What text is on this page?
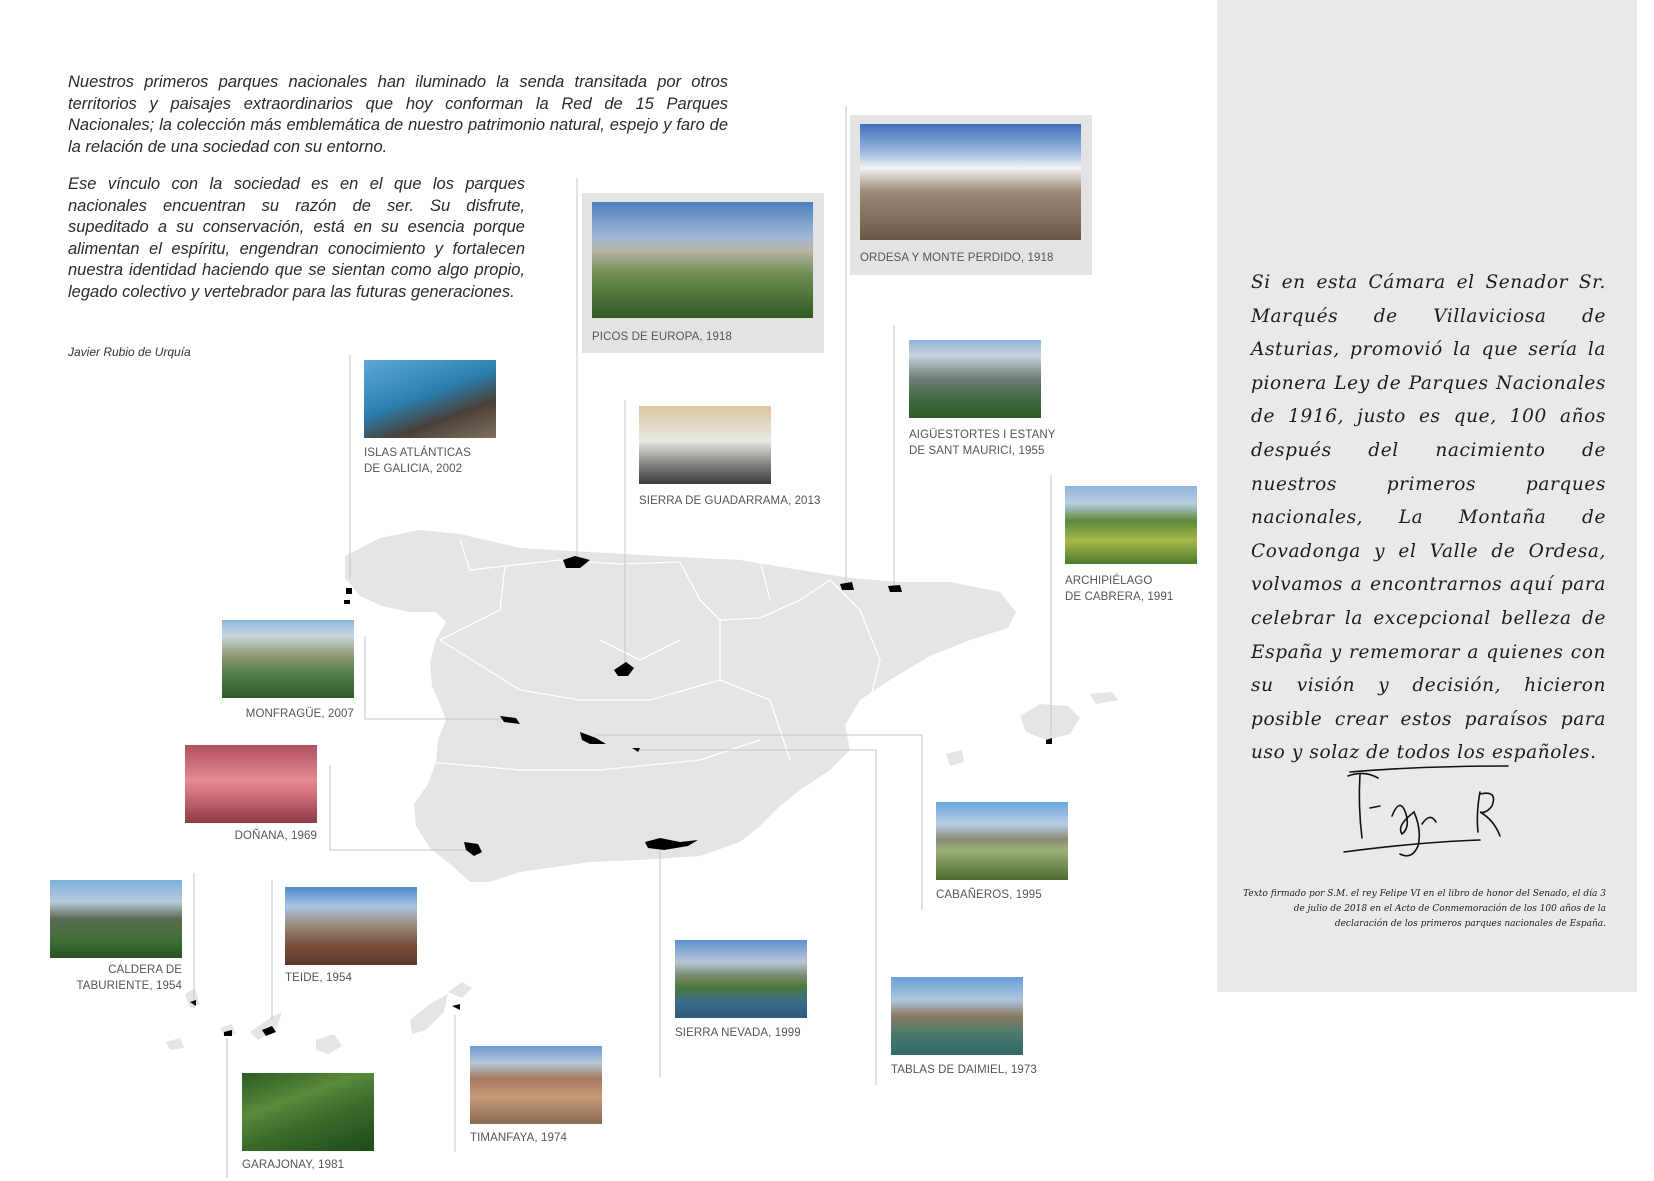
Nuestros primeros parques nacionales han iluminado la senda transitada por otros territorios y paisajes extraordinarios que hoy conforman la Red de 15 Parques Nacionales; la colección más emblemática de nuestro patrimonio natural, espejo y faro de la relación de una sociedad con su entorno.

Ese vínculo con la sociedad es en el que los parques nacionales encuentran su razón de ser. Su disfrute, supeditado a su conservación, está en su esencia porque alimentan el espíritu, engendran conocimiento y fortalecen nuestra identidad haciendo que se sientan como algo propio, legado colectivo y vertebrador para las futuras generaciones.

Javier Rubio de Urquía
PICOS DE EUROPA, 1918
ORDESA Y MONTE PERDIDO, 1918
ISLAS ATLÁNTICAS
DE GALICIA, 2002
SIERRA DE GUADARRAMA, 2013
AIGÜESTORTES I ESTANY
DE SANT MAURICI, 1955
ARCHIPIÉLAGO
DE CABRERA, 1991
MONFRAGÜE, 2007
DOÑANA, 1969
CABAÑEROS, 1995
CALDERA DE
TABURIENTE, 1954
TEIDE, 1954
SIERRA NEVADA, 1999
TABLAS DE DAIMIEL, 1973
GARAJONAY, 1981
TIMANFAYA, 1974

Si en esta Cámara el Senador Sr. Marqués de Villaviciosa de Asturias, promovió la que sería la pionera Ley de Parques Nacionales de 1916, justo es que, 100 años después del nacimiento de nuestros primeros parques nacionales, La Montaña de Covadonga y el Valle de Ordesa, volvamos a encontrarnos aquí para celebrar la excepcional belleza de España y rememorar a quienes con su visión y decisión, hicieron posible crear estos paraísos para uso y solaz de todos los españoles.

Texto firmado por S.M. el rey Felipe VI en el libro de honor del Senado, el día 3 de julio de 2018 en el Acto de Conmemoración de los 100 años de la declaración de los primeros parques nacionales de España.
